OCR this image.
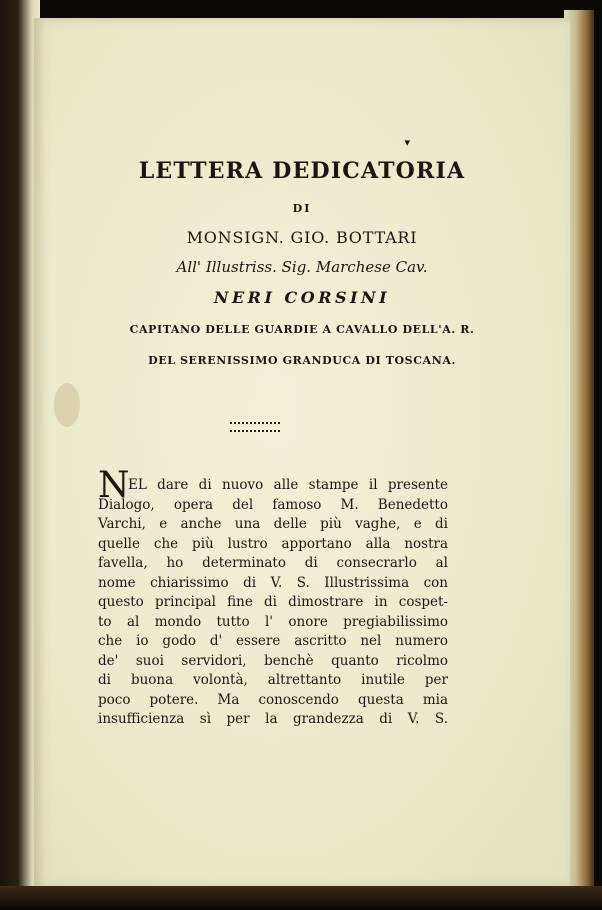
▾
LETTERA DEDICATORIA
DI
MONSIGN. GIO. BOTTARI
All' Illustriss. Sig. Marchese Cav.
NERI CORSINI
CAPITANO DELLE GUARDIE A CAVALLO DELL'A. R.
DEL SERENISSIMO GRANDUCA DI TOSCANA.
N
EL dare di nuovo alle stampe il presente
Dialogo, opera del famoso M. Benedetto
Varchi, e anche una delle più vaghe, e di
quelle che più lustro apportano alla nostra
favella, ho determinato di consecrarlo al
nome chiarissimo di V. S. Illustrissima con
questo principal fine di dimostrare in cospet-
to al mondo tutto l' onore pregiabilissimo
che io godo d' essere ascritto nel numero
de' suoi servidori, benchè quanto ricolmo
di buona volontà, altrettanto inutile per
poco potere. Ma conoscendo questa mia
insufficienza sì per la grandezza di V. S.
